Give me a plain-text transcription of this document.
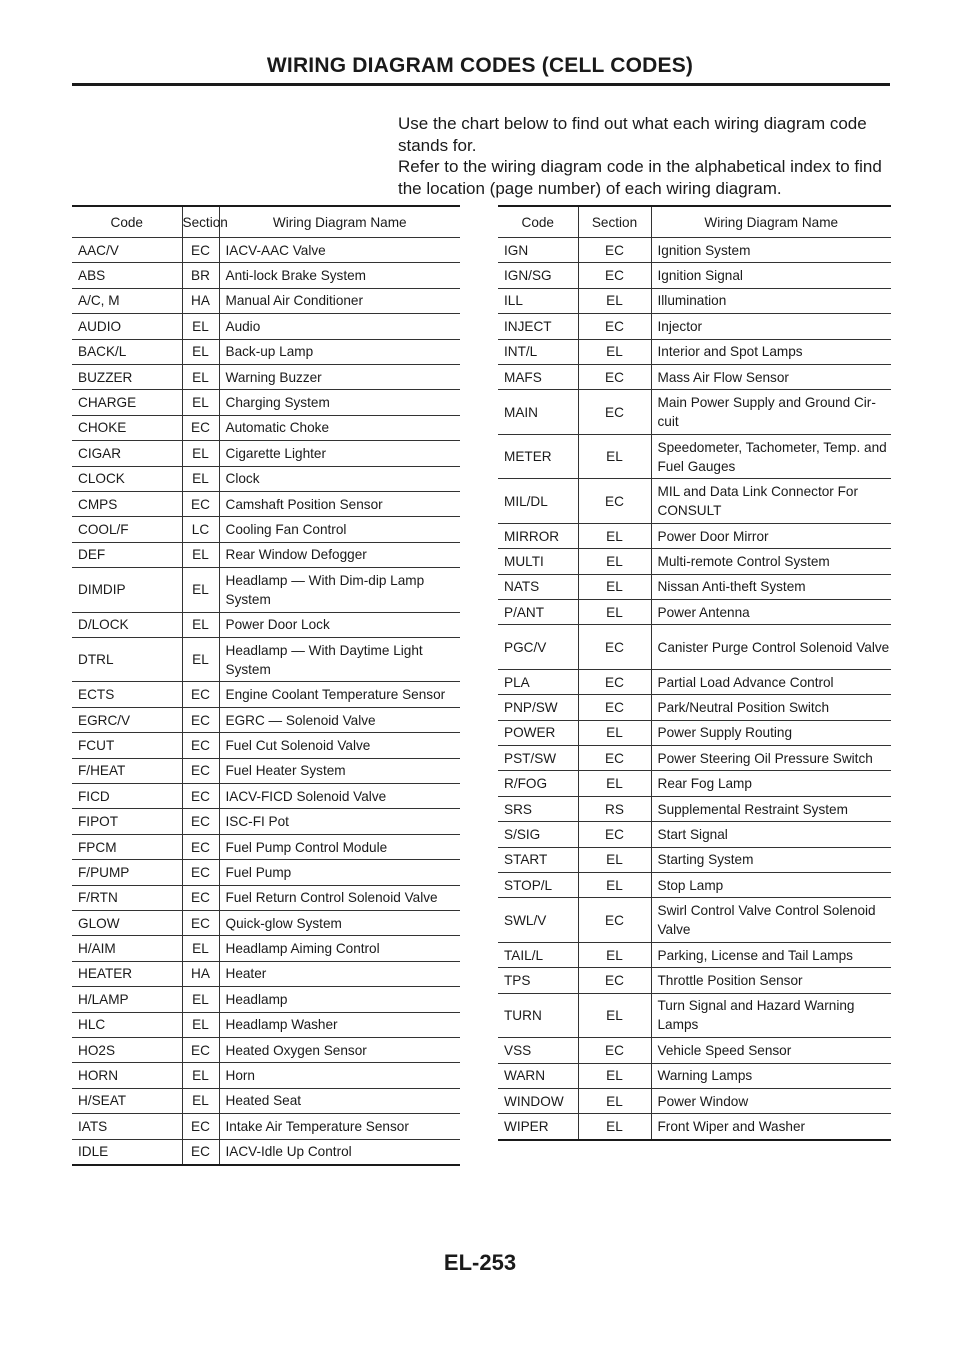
WIRING DIAGRAM CODES (CELL CODES)

Use the chart below to find out what each wiring diagram code stands for.

Refer to the wiring diagram code in the alphabetical index to find the location (page number) of each wiring diagram.

Code	Section	Wiring Diagram Name
AAC/V	EC	IACV-AAC Valve
ABS	BR	Anti-lock Brake System
A/C, M	HA	Manual Air Conditioner
AUDIO	EL	Audio
BACK/L	EL	Back-up Lamp
BUZZER	EL	Warning Buzzer
CHARGE	EL	Charging System
CHOKE	EC	Automatic Choke
CIGAR	EL	Cigarette Lighter
CLOCK	EL	Clock
CMPS	EC	Camshaft Position Sensor
COOL/F	LC	Cooling Fan Control
DEF	EL	Rear Window Defogger
DIMDIP	EL	Headlamp — With Dim-dip Lamp System
D/LOCK	EL	Power Door Lock
DTRL	EL	Headlamp — With Daytime Light System
ECTS	EC	Engine Coolant Temperature Sensor
EGRC/V	EC	EGRC — Solenoid Valve
FCUT	EC	Fuel Cut Solenoid Valve
F/HEAT	EC	Fuel Heater System
FICD	EC	IACV-FICD Solenoid Valve
FIPOT	EC	ISC-FI Pot
FPCM	EC	Fuel Pump Control Module
F/PUMP	EC	Fuel Pump
F/RTN	EC	Fuel Return Control Solenoid Valve
GLOW	EC	Quick-glow System
H/AIM	EL	Headlamp Aiming Control
HEATER	HA	Heater
H/LAMP	EL	Headlamp
HLC	EL	Headlamp Washer
HO2S	EC	Heated Oxygen Sensor
HORN	EL	Horn
H/SEAT	EL	Heated Seat
IATS	EC	Intake Air Temperature Sensor
IDLE	EC	IACV-Idle Up Control
Code	Section	Wiring Diagram Name
IGN	EC	Ignition System
IGN/SG	EC	Ignition Signal
ILL	EL	Illumination
INJECT	EC	Injector
INT/L	EL	Interior and Spot Lamps
MAFS	EC	Mass Air Flow Sensor
MAIN	EC	Main Power Supply and Ground Cir-cuit
METER	EL	Speedometer, Tachometer, Temp. and Fuel Gauges
MIL/DL	EC	MIL and Data Link Connector For CONSULT
MIRROR	EL	Power Door Mirror
MULTI	EL	Multi-remote Control System
NATS	EL	Nissan Anti-theft System
P/ANT	EL	Power Antenna
PGC/V	EC	Canister Purge Control Solenoid Valve
PLA	EC	Partial Load Advance Control
PNP/SW	EC	Park/Neutral Position Switch
POWER	EL	Power Supply Routing
PST/SW	EC	Power Steering Oil Pressure Switch
R/FOG	EL	Rear Fog Lamp
SRS	RS	Supplemental Restraint System
S/SIG	EC	Start Signal
START	EL	Starting System
STOP/L	EL	Stop Lamp
SWL/V	EC	Swirl Control Valve Control Solenoid Valve
TAIL/L	EL	Parking, License and Tail Lamps
TPS	EC	Throttle Position Sensor
TURN	EL	Turn Signal and Hazard Warning Lamps
VSS	EC	Vehicle Speed Sensor
WARN	EL	Warning Lamps
WINDOW	EL	Power Window
WIPER	EL	Front Wiper and Washer
EL-253
